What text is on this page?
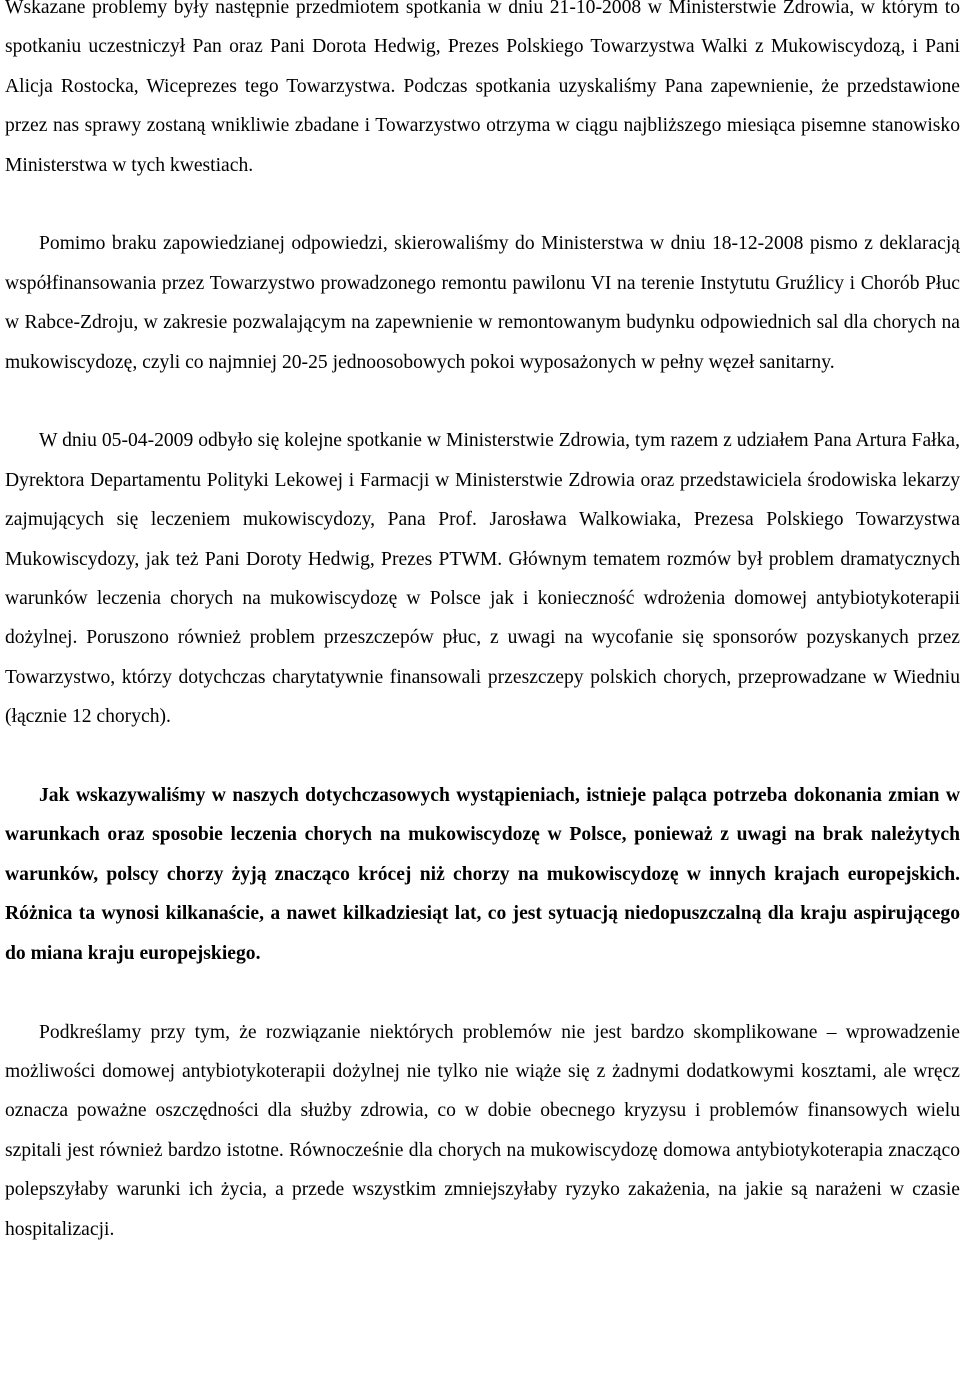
Wskazane problemy były następnie przedmiotem spotkania w dniu 21-10-2008 w Ministerstwie Zdrowia, w którym to spotkaniu uczestniczył Pan oraz Pani Dorota Hedwig, Prezes Polskiego Towarzystwa Walki z Mukowiscydozą, i Pani Alicja Rostocka, Wiceprezes tego Towarzystwa. Podczas spotkania uzyskaliśmy Pana zapewnienie, że przedstawione przez nas sprawy zostaną wnikliwie zbadane i Towarzystwo otrzyma w ciągu najbliższego miesiąca pisemne stanowisko Ministerstwa w tych kwestiach.

Pomimo braku zapowiedzianej odpowiedzi, skierowaliśmy do Ministerstwa w dniu 18-12-2008 pismo z deklaracją współfinansowania przez Towarzystwo prowadzonego remontu pawilonu VI na terenie Instytutu Gruźlicy i Chorób Płuc w Rabce-Zdroju, w zakresie pozwalającym na zapewnienie w remontowanym budynku odpowiednich sal dla chorych na mukowiscydozę, czyli co najmniej 20-25 jednoosobowych pokoi wyposażonych w pełny węzeł sanitarny.

W dniu 05-04-2009 odbyło się kolejne spotkanie w Ministerstwie Zdrowia, tym razem z udziałem Pana Artura Fałka, Dyrektora Departamentu Polityki Lekowej i Farmacji w Ministerstwie Zdrowia oraz przedstawiciela środowiska lekarzy zajmujących się leczeniem mukowiscydozy, Pana Prof. Jarosława Walkowiaka, Prezesa Polskiego Towarzystwa Mukowiscydozy, jak też Pani Doroty Hedwig, Prezes PTWM. Głównym tematem rozmów był problem dramatycznych warunków leczenia chorych na mukowiscydozę w Polsce jak i konieczność wdrożenia domowej antybiotykoterapii dożylnej. Poruszono również problem przeszczepów płuc, z uwagi na wycofanie się sponsorów pozyskanych przez Towarzystwo, którzy dotychczas charytatywnie finansowali przeszczepy polskich chorych, przeprowadzane w Wiedniu (łącznie 12 chorych).

Jak wskazywaliśmy w naszych dotychczasowych wystąpieniach, istnieje paląca potrzeba dokonania zmian w warunkach oraz sposobie leczenia chorych na mukowiscydozę w Polsce, ponieważ z uwagi na brak należytych warunków, polscy chorzy żyją znacząco krócej niż chorzy na mukowiscydozę w innych krajach europejskich. Różnica ta wynosi kilkanaście, a nawet kilkadziesiąt lat, co jest sytuacją niedopuszczalną dla kraju aspirującego do miana kraju europejskiego.

Podkreślamy przy tym, że rozwiązanie niektórych problemów nie jest bardzo skomplikowane – wprowadzenie możliwości domowej antybiotykoterapii dożylnej nie tylko nie wiąże się z żadnymi dodatkowymi kosztami, ale wręcz oznacza poważne oszczędności dla służby zdrowia, co w dobie obecnego kryzysu i problemów finansowych wielu szpitali jest również bardzo istotne. Równocześnie dla chorych na mukowiscydozę domowa antybiotykoterapia znacząco polepszyłaby warunki ich życia, a przede wszystkim zmniejszyłaby ryzyko zakażenia, na jakie są narażeni w czasie hospitalizacji.
